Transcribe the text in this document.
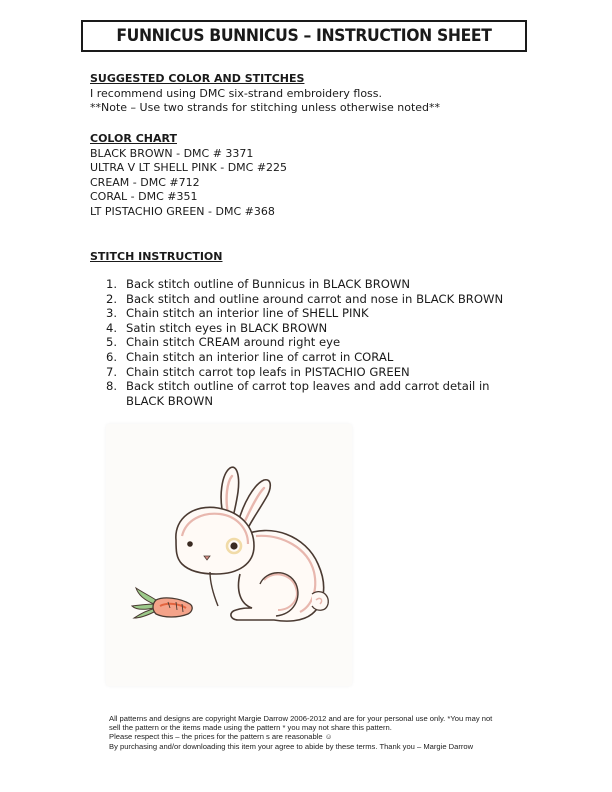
FUNNICUS BUNNICUS – INSTRUCTION SHEET
SUGGESTED COLOR AND STITCHES
I recommend using DMC six-strand embroidery floss.
**Note – Use two strands for stitching unless otherwise noted**
COLOR CHART
BLACK BROWN - DMC # 3371
ULTRA V LT SHELL PINK - DMC #225
CREAM - DMC #712
CORAL - DMC #351
LT PISTACHIO GREEN - DMC #368
STITCH INSTRUCTION
1. Back stitch outline of Bunnicus in BLACK BROWN
2. Back stitch and outline around carrot and nose in BLACK BROWN
3. Chain stitch an interior line of SHELL PINK
4. Satin stitch eyes in BLACK BROWN
5. Chain stitch CREAM around right eye
6. Chain stitch an interior line of carrot in CORAL
7. Chain stitch carrot top leafs in PISTACHIO GREEN
8. Back stitch outline of carrot top leaves and add carrot detail in
BLACK BROWN
All patterns and designs are copyright Margie Darrow 2006-2012 and are for your personal use only. *You may not
sell the pattern or the items made using the pattern * you may not share this pattern.
Please respect this – the prices for the pattern s are reasonable ☺
By purchasing and/or downloading this item your agree to abide by these terms. Thank you – Margie Darrow
